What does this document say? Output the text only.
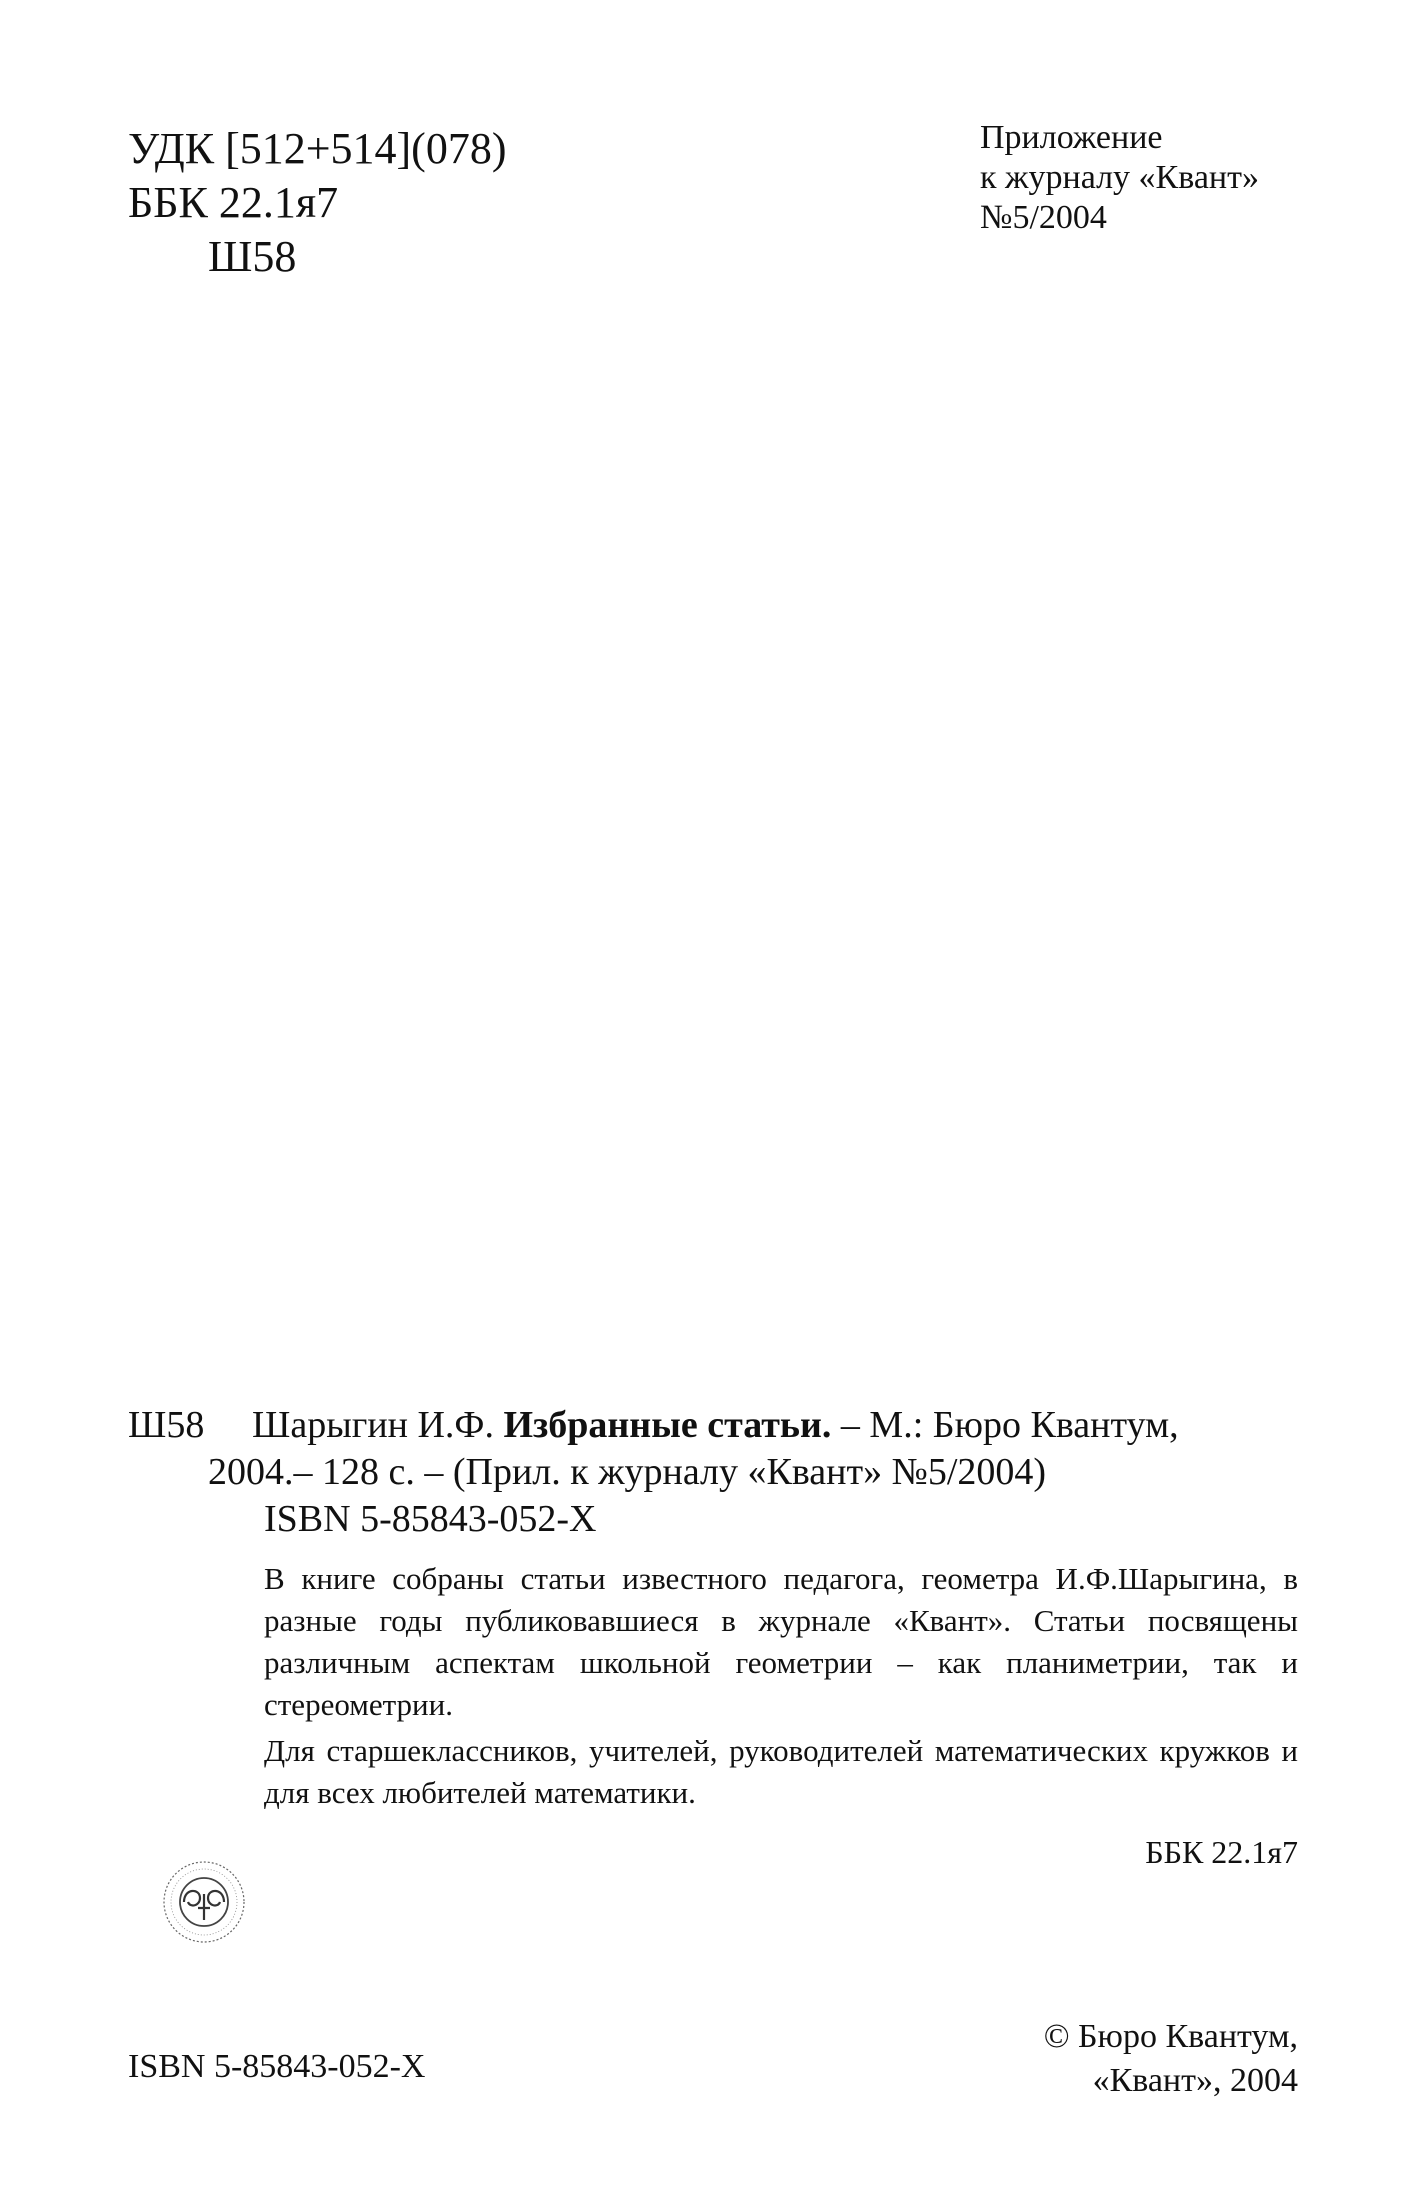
УДК [512+514](078)
ББК 22.1я7
Ш58
Приложение
к журналу «Квант»
№5/2004
Ш58 Шарыгин И.Ф. Избранные статьи. – М.: Бюро Квантум,
2004.– 128 с. – (Прил. к журналу «Квант» №5/2004)
ISBN 5-85843-052-X

В книге собраны статьи известного педагога, геометра И.Ф.Шарыгина, в разные годы публиковавшиеся в журнале «Квант». Статьи посвящены различным аспектам школьной геометрии – как планиметрии, так и стереометрии.

Для старшеклассников, учителей, руководителей математических кружков и для всех любителей математики.

ББК 22.1я7
ISBN 5-85843-052-X
© Бюро Квантум,
«Квант», 2004
